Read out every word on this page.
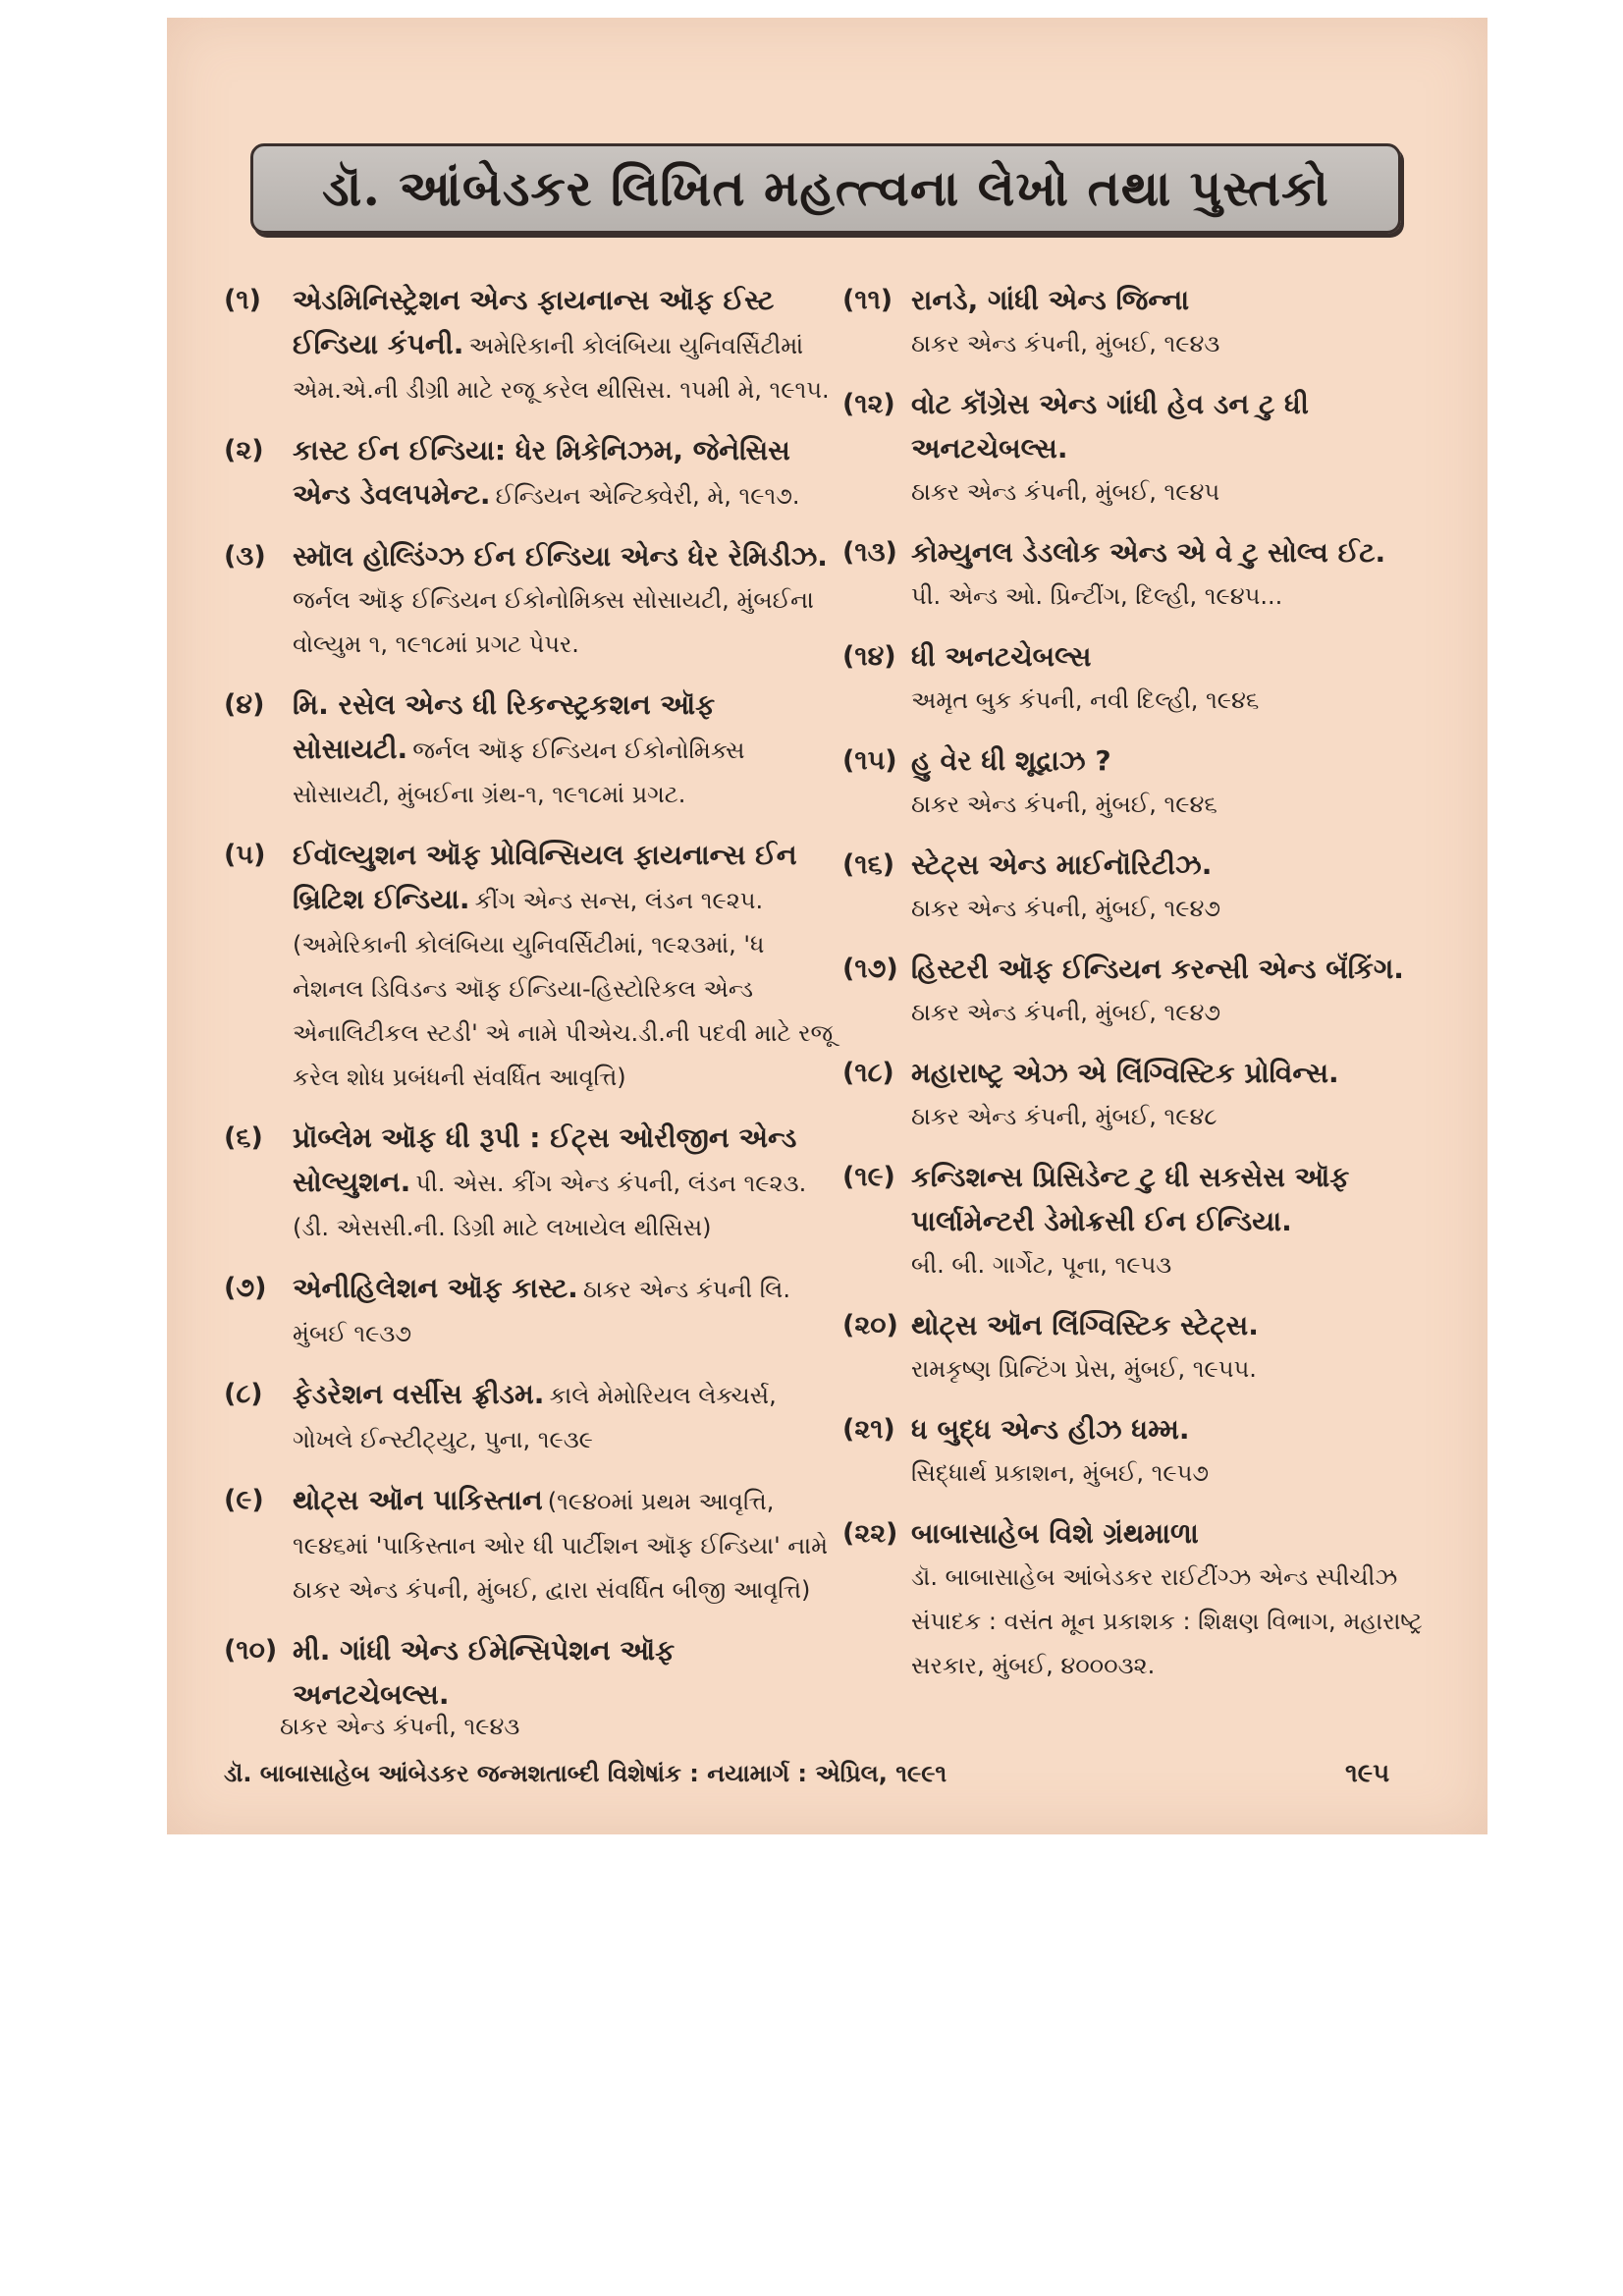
ડૉ. આંબેડકર લિખિત મહત્ત્વના લેખો તથા પુસ્તકો
(૧)	એડમિનિસ્ટ્રેશન એન્ડ ફાયનાન્સ ઑફ ઈસ્ટ ઈન્ડિયા કંપની. અમેરિકાની કોલંબિયા યુનિવર્સિટીમાં એમ.એ.ની ડીગ્રી માટે રજૂ કરેલ થીસિસ. ૧૫મી મે, ૧૯૧૫.
(૨)	કાસ્ટ ઈન ઈન્ડિયા: ધેર મિકેનિઝમ, જેનેસિસ એન્ડ ડેવલપમેન્ટ. ઈન્ડિયન એન્ટિક્વેરી, મે, ૧૯૧૭.
(૩) સ્મૉલ હોલ્ડિંગ્ઝ ઈન ઈન્ડિયા એન્ડ ધેર રેમિડીઝ. જર્નલ ઑફ ઈન્ડિયન ઈકોનોમિક્સ સોસાયટી, મુંબઈના વોલ્યુમ ૧, ૧૯૧૮માં પ્રગટ પેપર.
(૪)	મિ. રસેલ એન્ડ ધી રિકન્સ્ટ્રકશન ઑફ સોસાયટી. જર્નલ ઑફ ઈન્ડિયન ઈકોનોમિક્સ સોસાયટી, મુંબઈના ગ્રંથ-૧, ૧૯૧૮માં પ્રગટ.
(૫) ઈવૉલ્યુશન ઑફ પ્રોવિન્સિયલ ફાયનાન્સ ઈન બ્રિટિશ ઈન્ડિયા. કીંગ એન્ડ સન્સ, લંડન ૧૯૨૫. (અમેરિકાની કોલંબિયા યુનિવર્સિટીમાં, ૧૯૨૩માં, 'ધ નેશનલ ડિવિડન્ડ ઑફ ઈન્ડિયા-હિસ્ટોરિકલ એન્ડ એનાલિટીકલ સ્ટડી' એ નામે પીએચ.ડી.ની પદવી માટે રજૂ કરેલ શોધ પ્રબંધની સંવર્ધિત આવૃત્તિ)
(૬)	પ્રૉબ્લેમ ઑફ ધી રૂપી : ઈટ્સ ઓરીજીન એન્ડ સોલ્યુશન. પી. એસ. કીંગ એન્ડ કંપની, લંડન ૧૯૨૩. (ડી. એસસી.ની. ડિગ્રી માટે લખાયેલ થીસિસ)
(૭) એનીહિલેશન ઑફ કાસ્ટ. ઠાકર એન્ડ કંપની લિ. મુંબઈ ૧૯૩૭
(૮)	ફેડરેશન વર્સીસ ફ્રીડમ. કાલે મેમોરિયલ લેક્ચર્સ, ગોખલે ઈન્સ્ટીટ્યુટ, પુના, ૧૯૩૯
(૯)	થોટ્સ ઑન પાકિસ્તાન (૧૯૪૦માં પ્રથમ આવૃત્તિ, ૧૯૪૬માં 'પાકિસ્તાન ઓર ધી પાર્ટીશન ઑફ ઈન્ડિયા' નામે ઠાકર એન્ડ કંપની, મુંબઈ, દ્વારા સંવર્ધિત બીજી આવૃત્તિ)
(૧૦) મી. ગાંધી એન્ડ ઈમેન્સિપેશન ઑફ અનટચેબલ્સ.
(૧૧) રાનડે, ગાંધી એન્ડ જિન્ના
ઠાકર એન્ડ કંપની, મુંબઈ, ૧૯૪૩
(૧૨) વોટ કૉંગ્રેસ એન્ડ ગાંધી હેવ ડન ટુ ધી અનટચેબલ્સ.
ઠાકર એન્ડ કંપની, મુંબઈ, ૧૯૪૫
(૧૩) કોમ્યુનલ ડેડલોક એન્ડ એ વે ટુ સોલ્વ ઈટ.
પી. એન્ડ ઓ. પ્રિન્ટીંગ, દિલ્હી, ૧૯૪૫...
(૧૪) ધી અનટચેબલ્સ
અમૃત બુક કંપની, નવી દિલ્હી, ૧૯૪૬
(૧૫) હુ વેર ધી શૂદ્રાઝ ?
ઠાકર એન્ડ કંપની, મુંબઈ, ૧૯૪૬
(૧૬) સ્ટેટ્સ એન્ડ માઈનૉરિટીઝ.
ઠાકર એન્ડ કંપની, મુંબઈ, ૧૯૪૭
(૧૭) હિસ્ટરી ઑફ ઈન્ડિયન કરન્સી એન્ડ બૅંકિંગ.
ઠાકર એન્ડ કંપની, મુંબઈ, ૧૯૪૭
(૧૮) મહારાષ્ટ્ર એઝ એ લિંગ્વિસ્ટિક પ્રોવિન્સ.
ઠાકર એન્ડ કંપની, મુંબઈ, ૧૯૪૮
(૧૯) કન્ડિશન્સ પ્રિસિડેન્ટ ટુ ધી સકસેસ ઑફ પાર્લામેન્ટરી ડેમોક્રસી ઈન ઈન્ડિયા.
બી. બી. ગાર્ગેટ, પૂના, ૧૯૫૩
(૨૦) થોટ્સ ઑન લિંગ્વિસ્ટિક સ્ટેટ્સ.
રામકૃષ્ણ પ્રિન્ટિંગ પ્રેસ, મુંબઈ, ૧૯૫૫.
(૨૧) ધ બુદ્ધ એન્ડ હીઝ ધમ્મ.
સિદ્ધાર્થ પ્રકાશન, મુંબઈ, ૧૯૫૭
(૨૨) બાબાસાહેબ વિશે ગ્રંથમાળા
ડૉ. બાબાસાહેબ આંબેડકર રાઈટીંગ્ઝ એન્ડ સ્પીચીઝ સંપાદક : વસંત મૂન પ્રકાશક : શિક્ષણ વિભાગ, મહારાષ્ટ્ર સરકાર, મુંબઈ, ૪૦૦૦૩૨.
ઠાકર એન્ડ કંપની, ૧૯૪૩
ડૉ. બાબાસાહેબ આંબેડકર જન્મશતાબ્દી વિશેષાંક : નયામાર્ગ : એપ્રિલ, ૧૯૯૧	૧૯૫
